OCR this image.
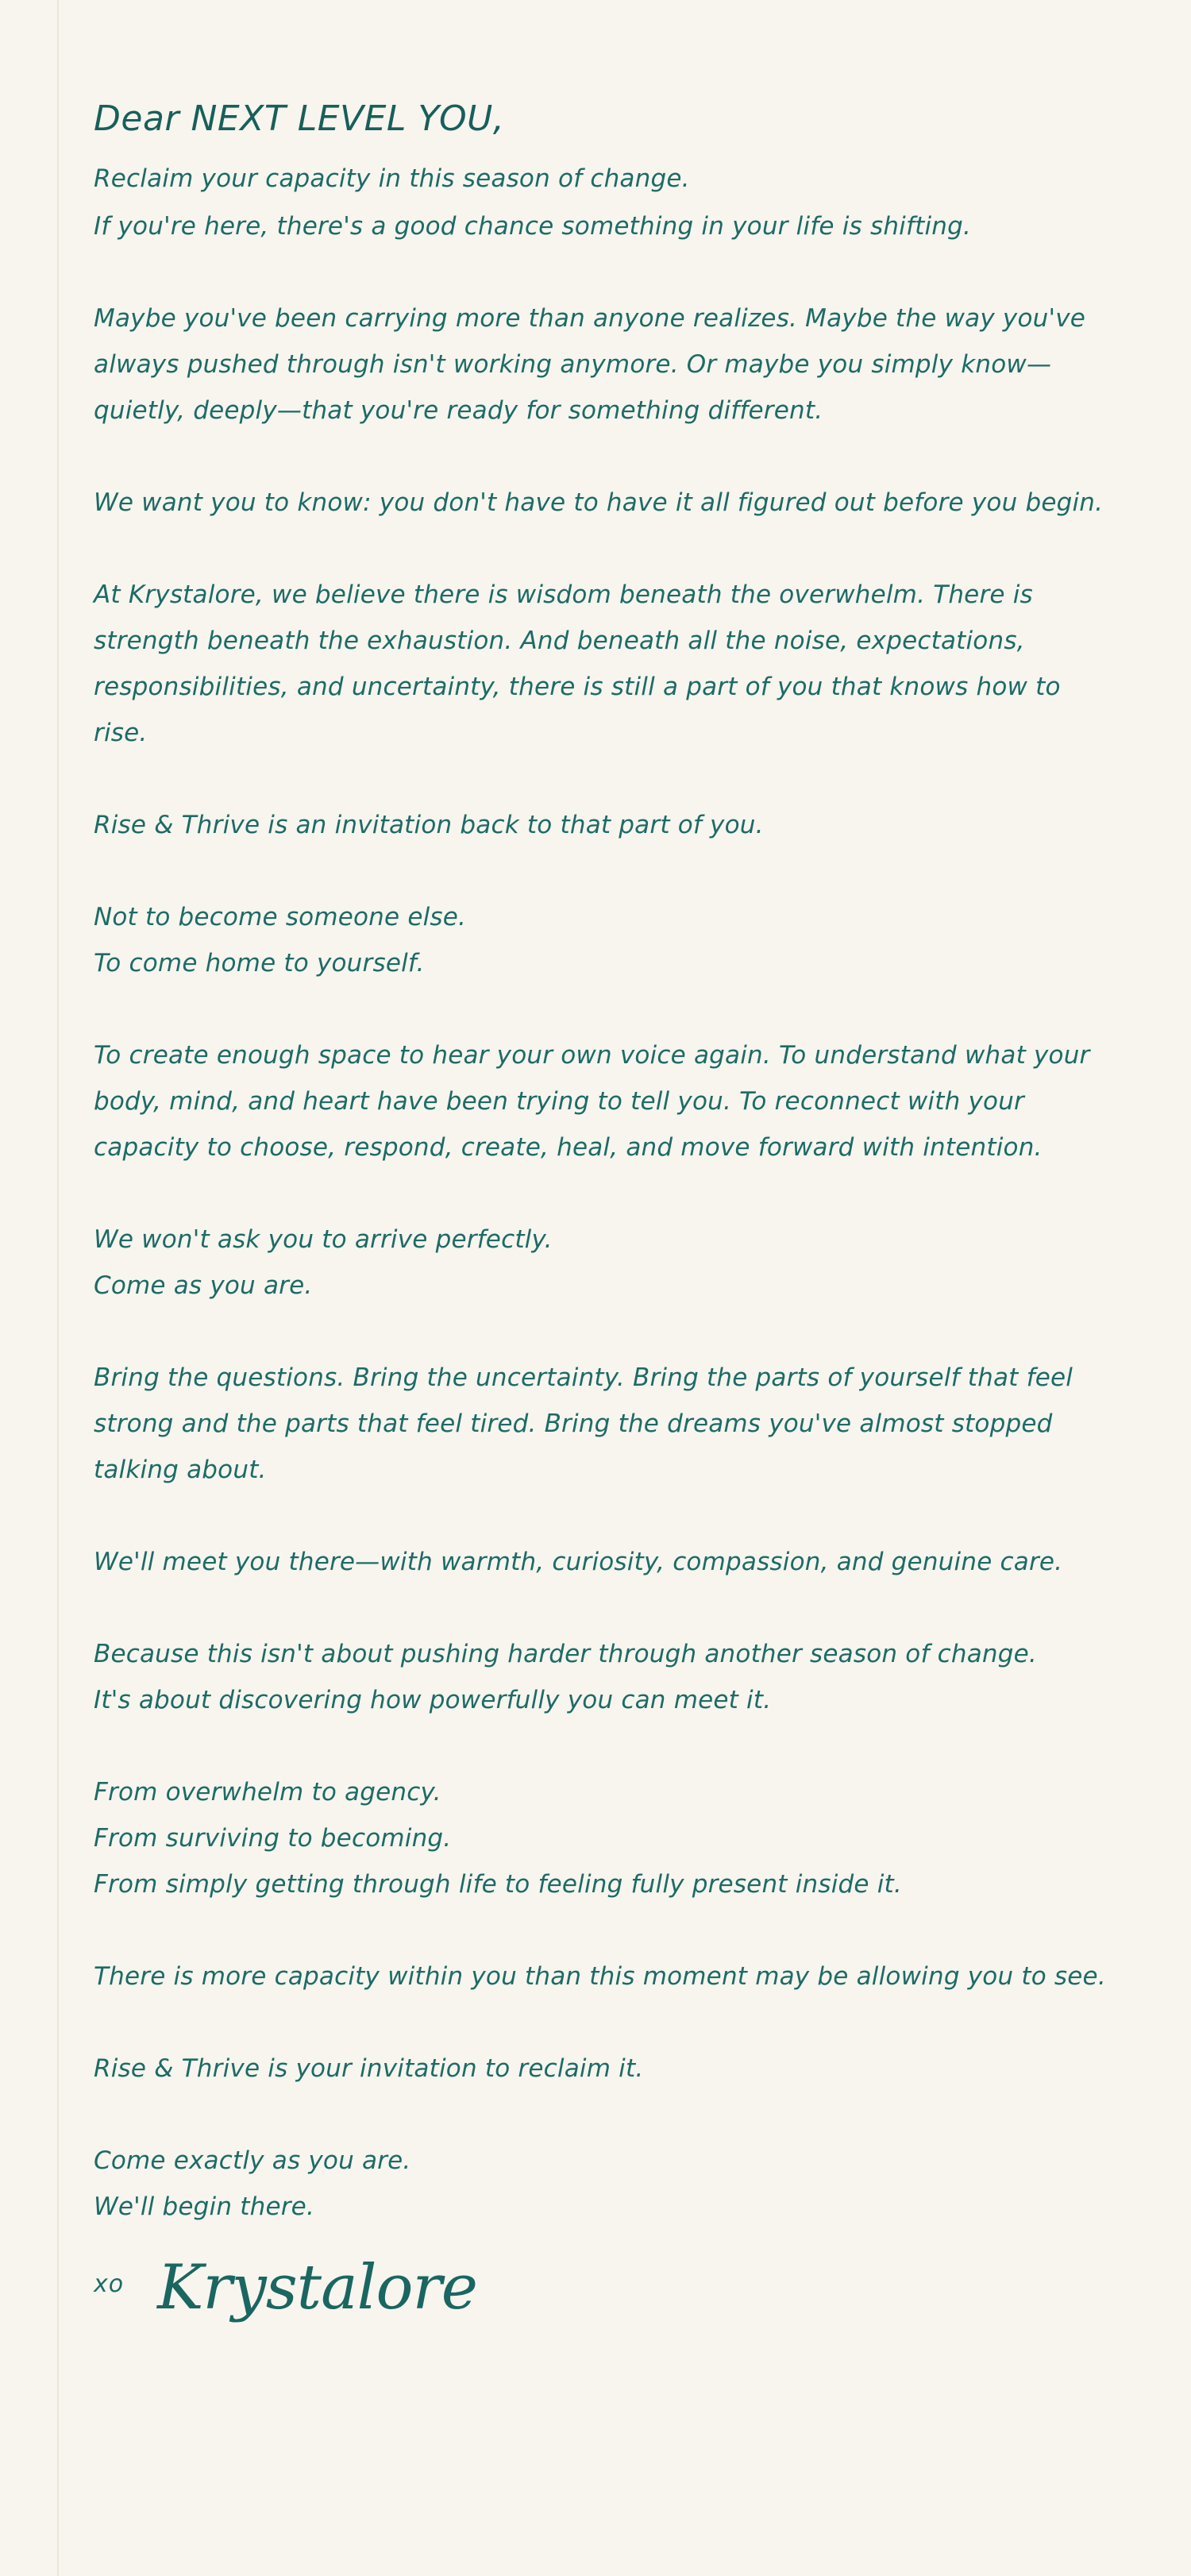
Dear NEXT LEVEL YOU,

Reclaim your capacity in this season of change.

If you're here, there's a good chance something in your life is shifting.

Maybe you've been carrying more than anyone realizes. Maybe the way you've always pushed through isn't working anymore. Or maybe you simply know—quietly, deeply—that you're ready for something different.

We want you to know: you don't have to have it all figured out before you begin.

At Krystalore, we believe there is wisdom beneath the overwhelm. There is strength beneath the exhaustion. And beneath all the noise, expectations, responsibilities, and uncertainty, there is still a part of you that knows how to rise.

Rise & Thrive is an invitation back to that part of you.

Not to become someone else.

To come home to yourself.

To create enough space to hear your own voice again. To understand what your body, mind, and heart have been trying to tell you. To reconnect with your capacity to choose, respond, create, heal, and move forward with intention.

We won't ask you to arrive perfectly.

Come as you are.

Bring the questions. Bring the uncertainty. Bring the parts of yourself that feel strong and the parts that feel tired. Bring the dreams you've almost stopped talking about.

We'll meet you there—with warmth, curiosity, compassion, and genuine care.

Because this isn't about pushing harder through another season of change.

It's about discovering how powerfully you can meet it.

From overwhelm to agency.

From surviving to becoming.

From simply getting through life to feeling fully present inside it.

There is more capacity within you than this moment may be allowing you to see.

Rise & Thrive is your invitation to reclaim it.

Come exactly as you are.

We'll begin there.

xo Krystalore
